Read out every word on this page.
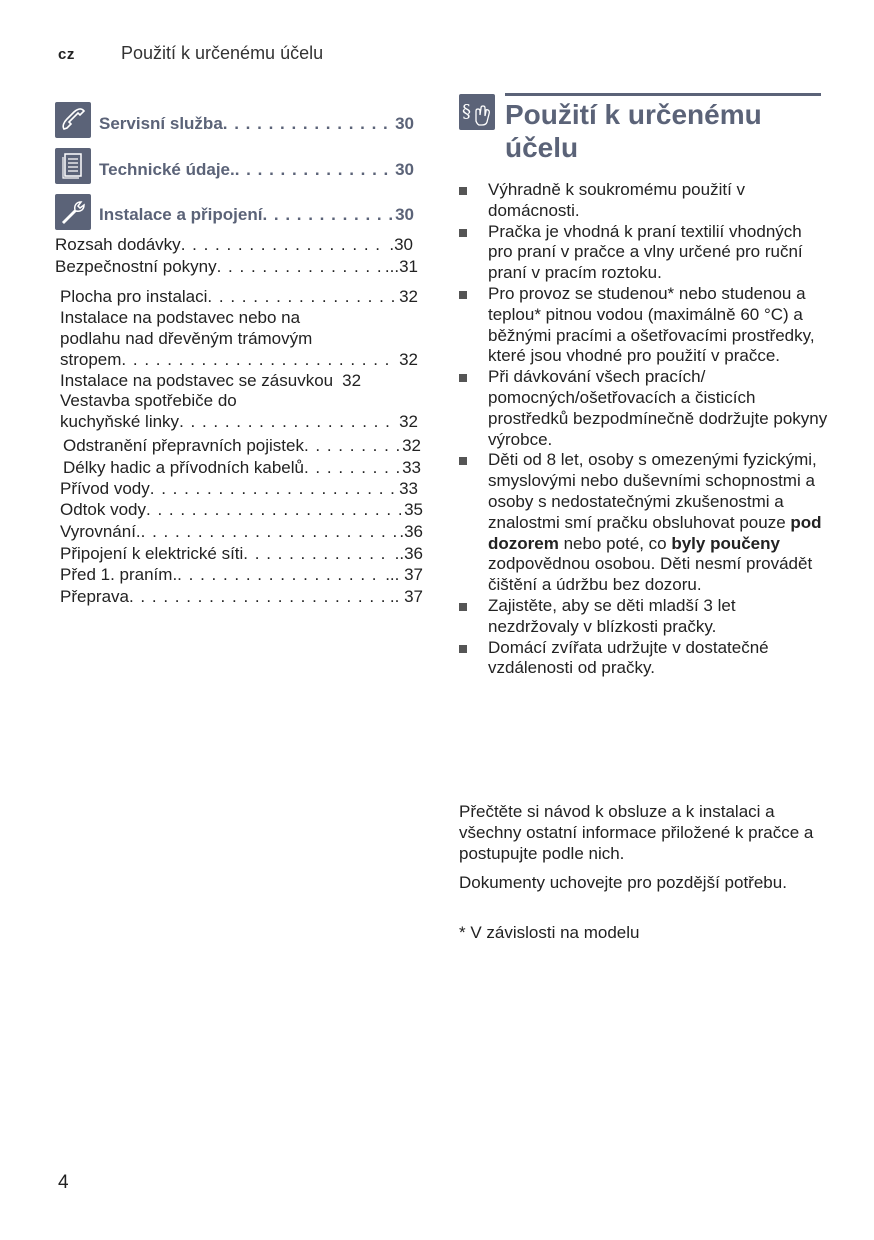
cz	Použití k určenému účelu
Servisní služba . . .	30
Technické údaje. . . .	30
Instalace a připojení . . .	30
Rozsah dodávky . . .	.30
Bezpečnostní pokyny . . .	...31
Plocha pro instalaci . . .	32
Instalace na podstavec nebo na
podlahu nad dřevěným trámovým
stropem . . .	32
Instalace na podstavec se zásuvkou 32
Vestavba spotřebiče do
kuchyňské linky . . .	32
Odstranění přepravních pojistek . . .	32
Délky hadic a přívodních kabelů . . .	33
Přívod vody . . .	33
Odtok vody . . .	35
Vyrovnání. . . .	.36
Připojení k elektrické síti . . .	..36
Před 1. praním. . . .	... 37
Přeprava . . .	.. 37
§ Použití k určenému účelu
Výhradně k soukromému použití v domácnosti.
Pračka je vhodná k praní textilií vhodných pro praní v pračce a vlny určené pro ruční praní v pracím roztoku.
Pro provoz se studenou* nebo studenou a teplou* pitnou vodou (maximálně 60 °C) a běžnými pracími a ošetřovacími prostředky, které jsou vhodné pro použití v pračce.
Při dávkování všech pracích/ pomocných/ošetřovacích a čisticích prostředků bezpodmínečně dodržujte pokyny výrobce.
Děti od 8 let, osoby s omezenými fyzickými, smyslovými nebo duševními schopnostmi a osoby s nedostatečnými zkušenostmi a znalostmi smí pračku obsluhovat pouze pod dozorem nebo poté, co byly poučeny zodpovědnou osobou. Děti nesmí provádět čištění a údržbu bez dozoru.
Zajistěte, aby se děti mladší 3 let nezdržovaly v blízkosti pračky.
Domácí zvířata udržujte v dostatečné vzdálenosti od pračky.
Přečtěte si návod k obsluze a k instalaci a všechny ostatní informace přiložené k pračce a postupujte podle nich.
Dokumenty uchovejte pro pozdější potřebu.
* V závislosti na modelu
4
